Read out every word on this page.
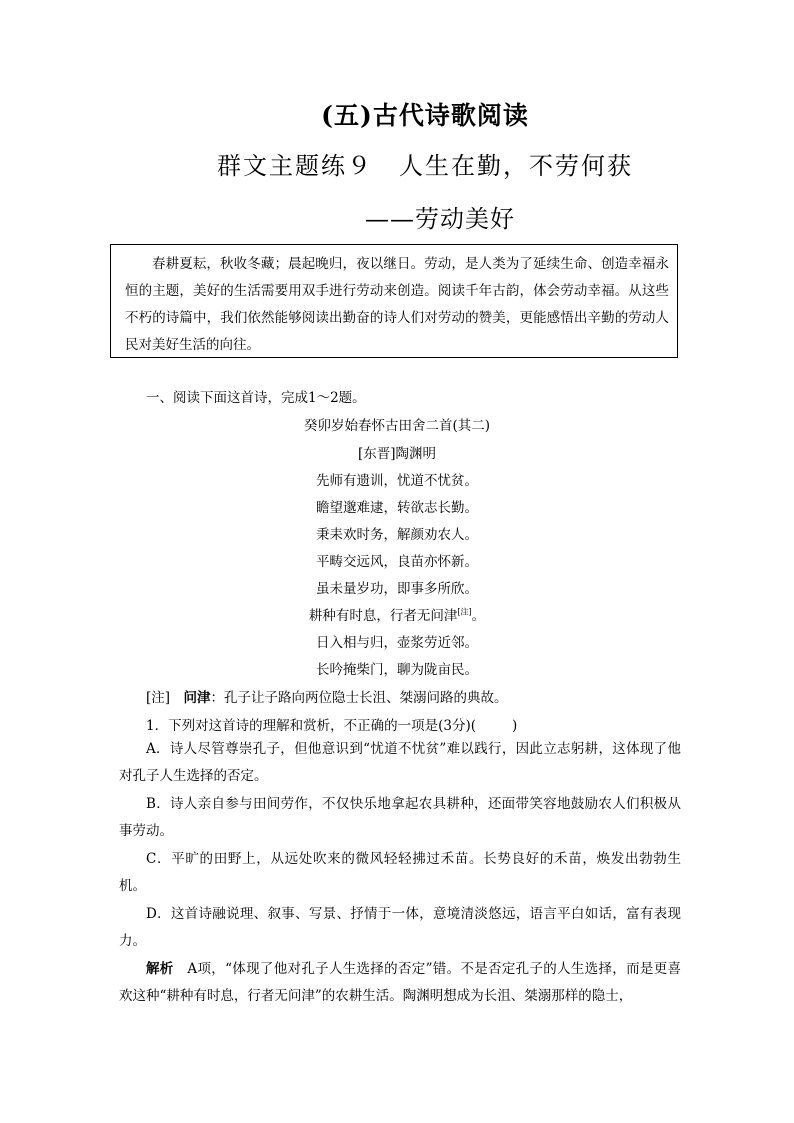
(五)古代诗歌阅读
群文主题练９　人生在勤，不劳何获
——劳动美好
春耕夏耘，秋收冬藏；晨起晚归，夜以继日。劳动，是人类为了延续生命、创造幸福永恒的主题，美好的生活需要用双手进行劳动来创造。阅读千年古韵，体会劳动幸福。从这些不朽的诗篇中，我们依然能够阅读出勤奋的诗人们对劳动的赞美，更能感悟出辛勤的劳动人民对美好生活的向往。
一、阅读下面这首诗，完成1～2题。
癸卯岁始春怀古田舍二首(其二)
[东晋]陶渊明
先师有遗训，忧道不忧贫。
瞻望邈难逮，转欲志长勤。
秉耒欢时务，解颜劝农人。
平畴交远风，良苗亦怀新。
虽未量岁功，即事多所欣。
耕种有时息，行者无问津[注]。
日入相与归，壶浆劳近邻。
长吟掩柴门，聊为陇亩民。
[注]　 问津：孔子让子路向两位隐士长沮、桀溺问路的典故。
1．下列对这首诗的理解和赏析，不正确的一项是(3分)(	)
A．诗人尽管尊崇孔子，但他意识到“忧道不忧贫”难以践行，因此立志躬耕，这体现了他对孔子人生选择的否定。
B．诗人亲自参与田间劳作，不仅快乐地拿起农具耕种，还面带笑容地鼓励农人们积极从事劳动。
C．平旷的田野上，从远处吹来的微风轻轻拂过禾苗。长势良好的禾苗，焕发出勃勃生机。
D．这首诗融说理、叙事、写景、抒情于一体，意境清淡悠远，语言平白如话，富有表现力。
解析　A项，“体现了他对孔子人生选择的否定”错。不是否定孔子的人生选择，而是更喜欢这种“耕种有时息，行者无问津”的农耕生活。陶渊明想成为长沮、桀溺那样的隐士，
